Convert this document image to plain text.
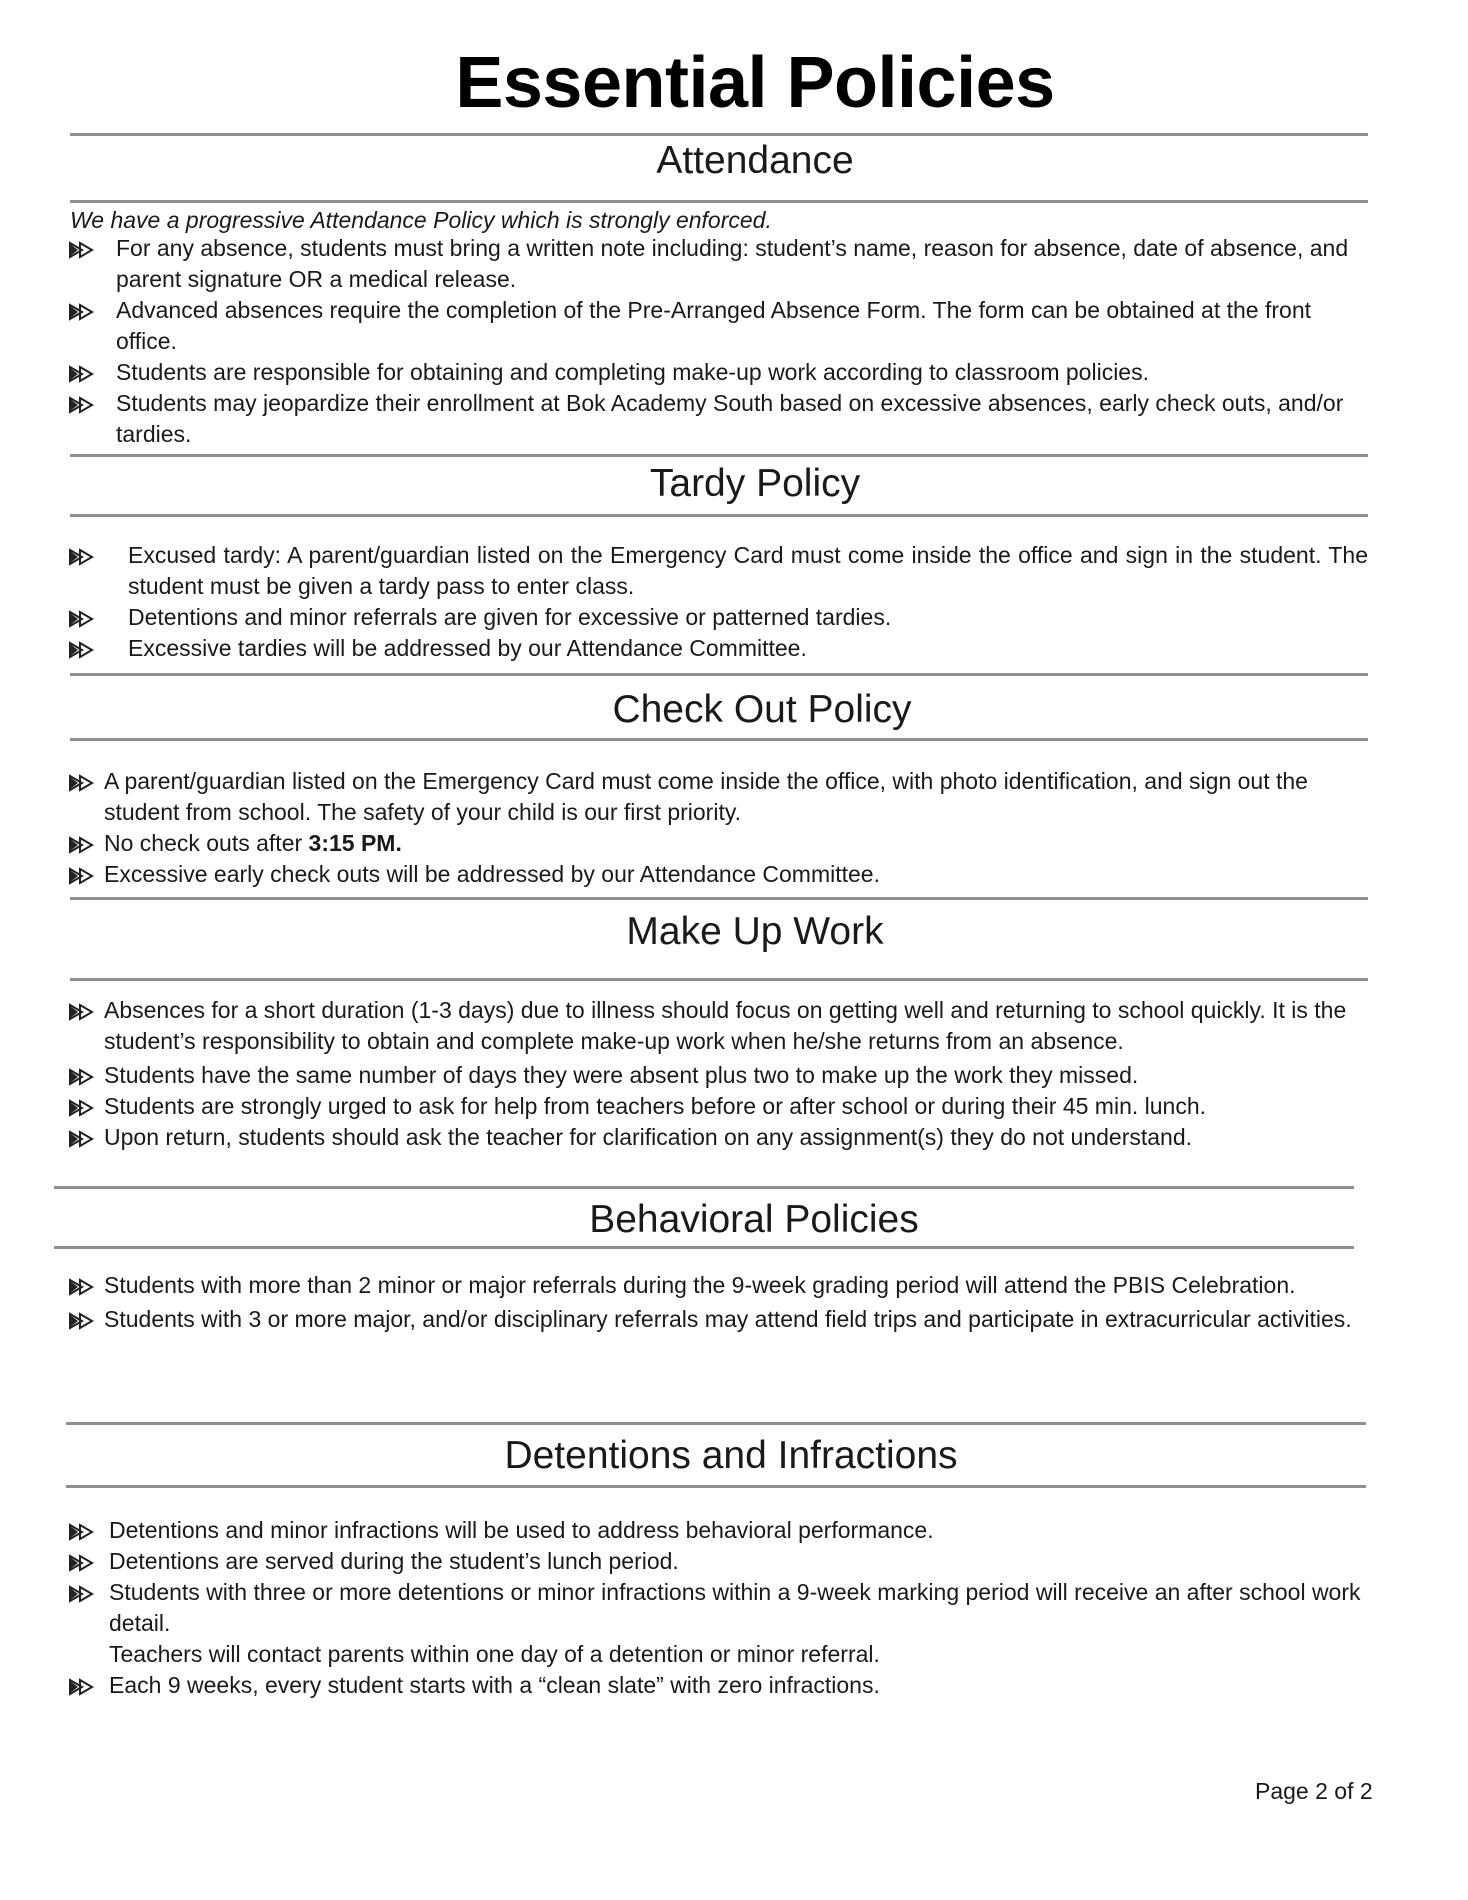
Essential Policies
Attendance
We have a progressive Attendance Policy which is strongly enforced.
For any absence, students must bring a written note including: student’s name, reason for absence, date of absence, and parent signature OR a medical release.
Advanced absences require the completion of the Pre-Arranged Absence Form. The form can be obtained at the front office.
Students are responsible for obtaining and completing make-up work according to classroom policies.
Students may jeopardize their enrollment at Bok Academy South based on excessive absences, early check outs, and/or tardies.
Tardy Policy
Excused tardy: A parent/guardian listed on the Emergency Card must come inside the office and sign in the student. The student must be given a tardy pass to enter class.
Detentions and minor referrals are given for excessive or patterned tardies.
Excessive tardies will be addressed by our Attendance Committee.
Check Out Policy
A parent/guardian listed on the Emergency Card must come inside the office, with photo identification, and sign out the student from school. The safety of your child is our first priority.
No check outs after 3:15 PM.
Excessive early check outs will be addressed by our Attendance Committee.
Make Up Work
Absences for a short duration (1-3 days) due to illness should focus on getting well and returning to school quickly. It is the student’s responsibility to obtain and complete make-up work when he/she returns from an absence.
Students have the same number of days they were absent plus two to make up the work they missed.
Students are strongly urged to ask for help from teachers before or after school or during their 45 min. lunch.
Upon return, students should ask the teacher for clarification on any assignment(s) they do not understand.
Behavioral Policies
Students with more than 2 minor or major referrals during the 9-week grading period will attend the PBIS Celebration.
Students with 3 or more major, and/or disciplinary referrals may attend field trips and participate in extracurricular activities.
Detentions and Infractions
Detentions and minor infractions will be used to address behavioral performance.
Detentions are served during the student’s lunch period.
Students with three or more detentions or minor infractions within a 9-week marking period will receive an after school work detail.
Teachers will contact parents within one day of a detention or minor referral.
Each 9 weeks, every student starts with a “clean slate” with zero infractions.
Page 2 of 2
